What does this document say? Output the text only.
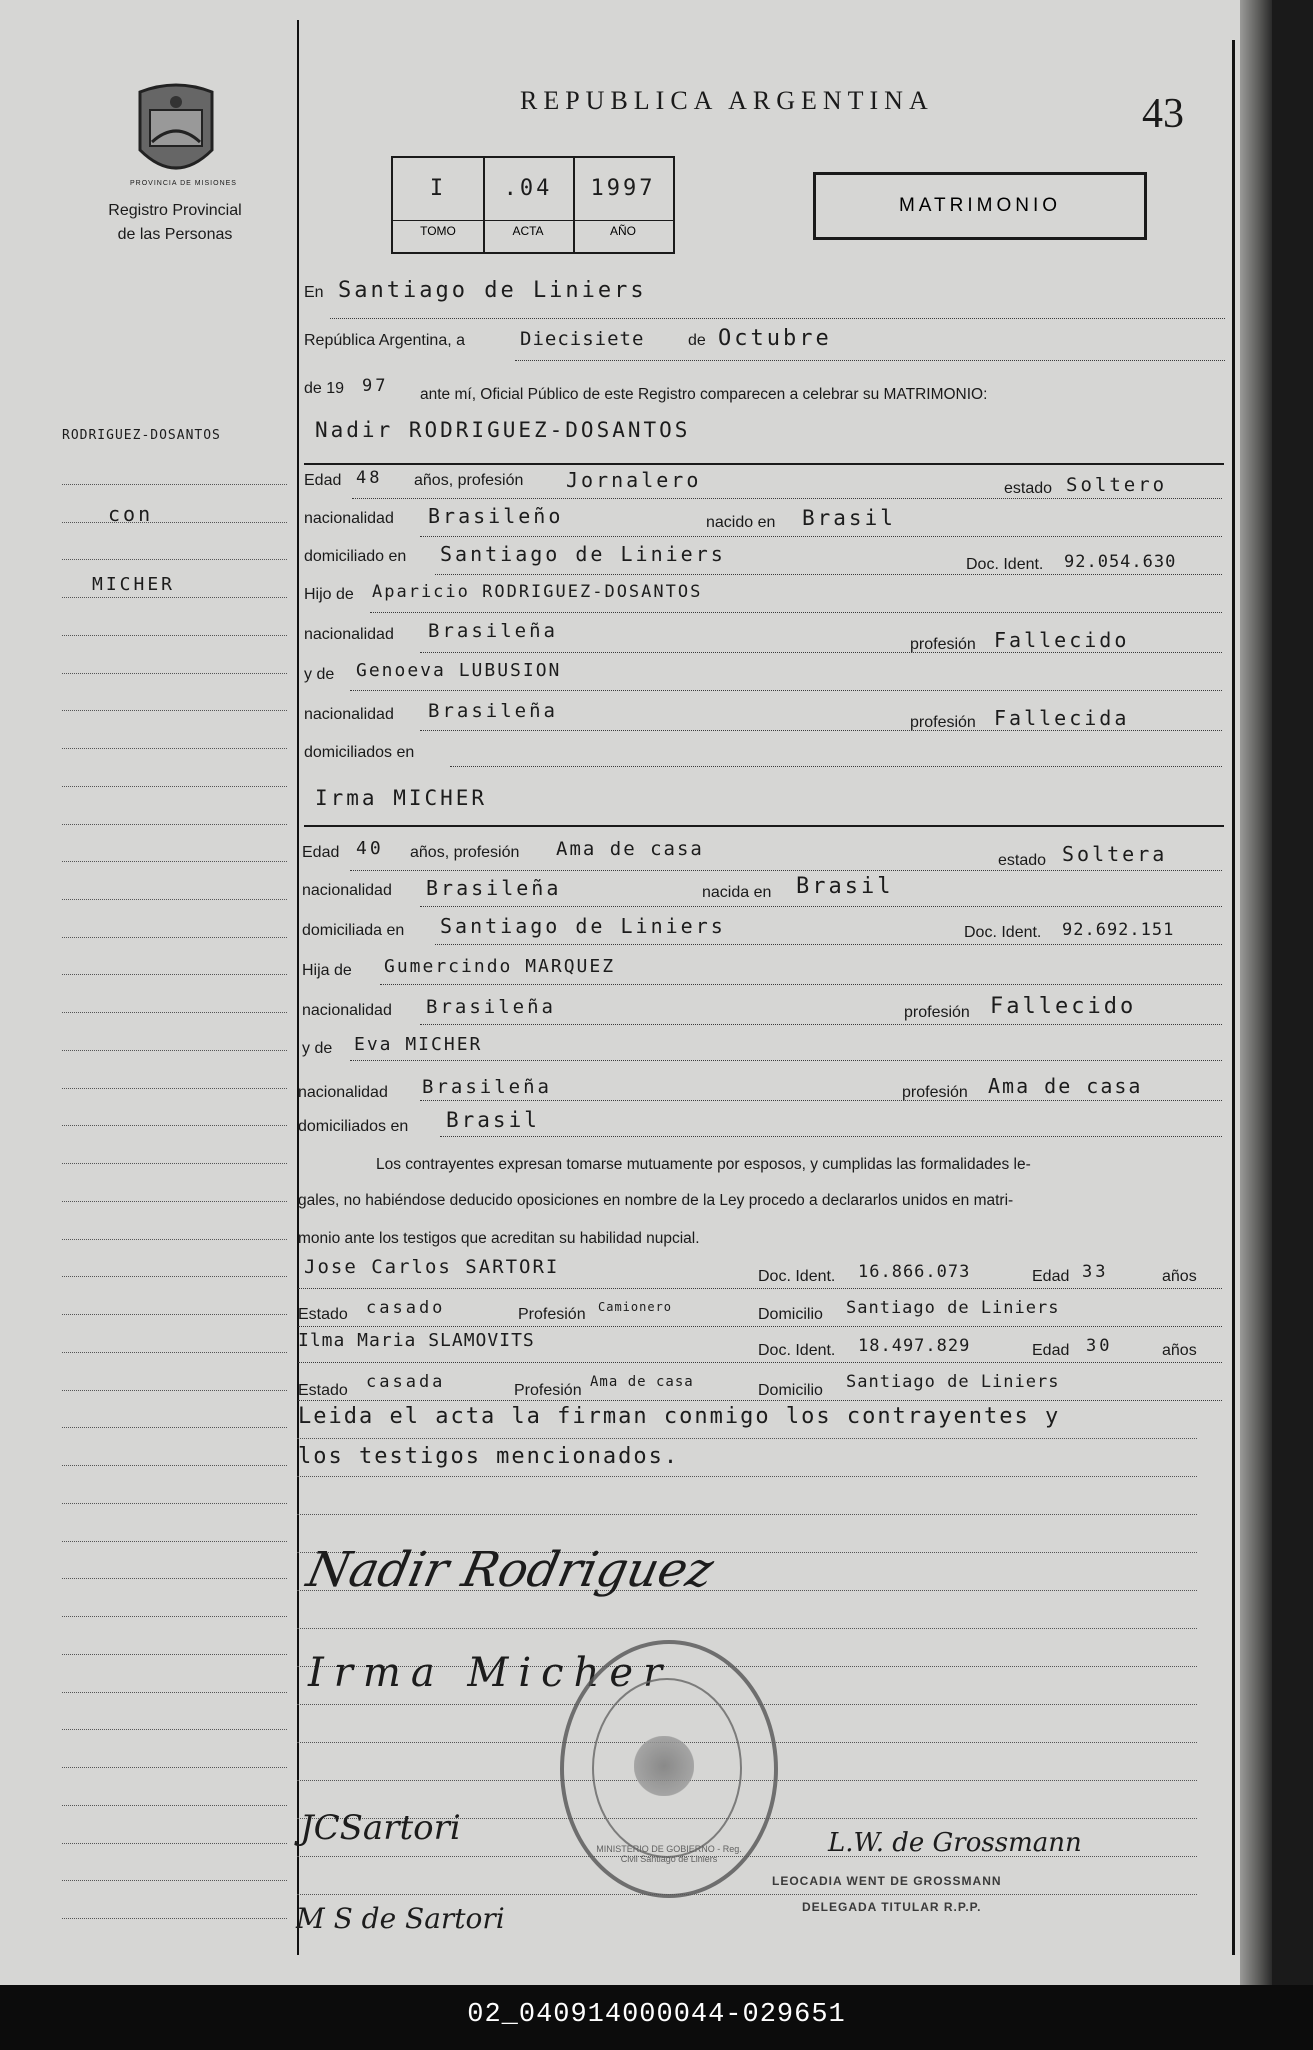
RODRIGUEZ-DOSANTOS
con
MICHER
PROVINCIA DE MISIONES
Registro Provincial
de las Personas
REPUBLICA ARGENTINA	43
I
TOMO
.04
ACTA
1997
AÑO
MATRIMONIO
En Santiago de Liniers
República Argentina, a	Diecisiete	de Octubre
de 19 97 ante mí, Oficial Público de este Registro comparecen a celebrar su MATRIMONIO:
Nadir RODRIGUEZ-DOSANTOS
Edad 48 años, profesión Jornalero	estado Soltero
nacionalidad Brasileño	nacido en Brasil
domiciliado en Santiago de Liniers	Doc. Ident. 92.054.630
Hijo de Aparicio RODRIGUEZ-DOSANTOS
nacionalidad Brasileña
profesión Fallecido
y de Genoeva LUBUSION
nacionalidad Brasileña
profesión Fallecida
domiciliados en
Irma MICHER
Edad 40 años, profesión Ama de casa
estado Soltera
nacionalidad Brasileña	nacida en Brasil
domiciliada en Santiago de Liniers	Doc. Ident. 92.692.151
Hija de Gumercindo MARQUEZ
nacionalidad Brasileña	profesión Fallecido
y de Eva MICHER
nacionalidad Brasileña	profesión Ama de casa
domiciliados en Brasil
Los contrayentes expresan tomarse mutuamente por esposos, y cumplidas las formalidades le-
gales, no habiéndose deducido oposiciones en nombre de la Ley procedo a declararlos unidos en matri-
monio ante los testigos que acreditan su habilidad nupcial.
Jose Carlos SARTORI	Doc. Ident. 16.866.073	Edad 33	años
Estado casado	Profesión Camionero	Domicilio Santiago de Liniers
Ilma Maria SLAMOVITS	Doc. Ident. 18.497.829	Edad 30	años
Estado casada	Profesión Ama de casa	Domicilio Santiago de Liniers
Leida el acta la firman conmigo los contrayentes y
los testigos mencionados.
Nadir Rodriguez
Irma Micher
MINISTERIO DE GOBIERNO - Reg. Civil Santiago de Liniers
JCSartori
M S de Sartori
L.W. de Grossmann
LEOCADIA WENT DE GROSSMANN
DELEGADA TITULAR R.P.P.
02_040914000044-029651
